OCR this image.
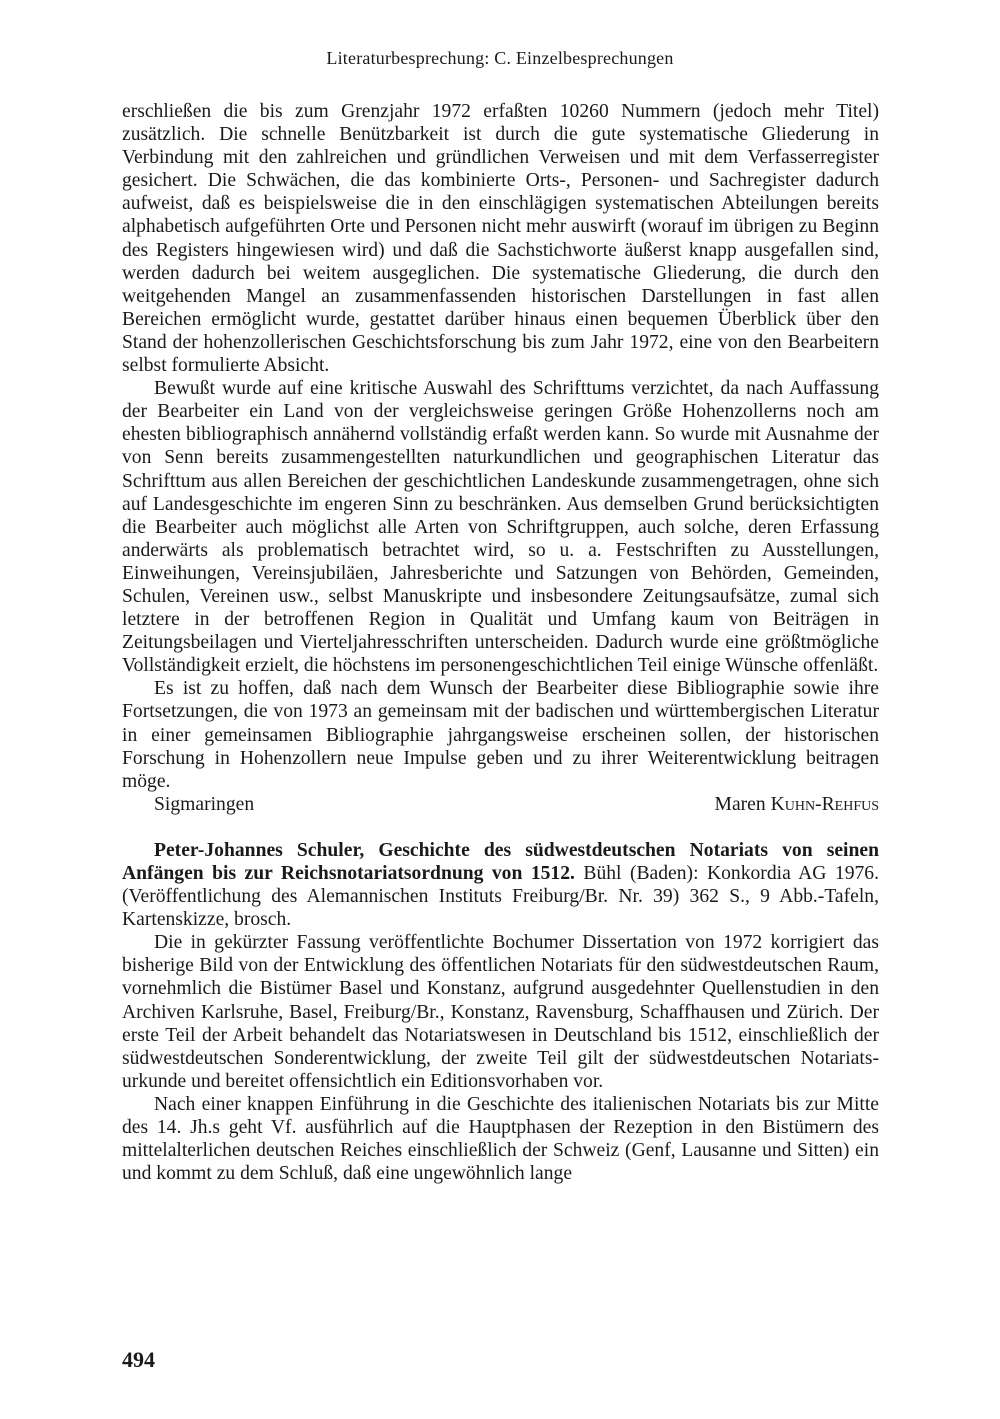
Literaturbesprechung: C. Einzelbesprechungen

erschließen die bis zum Grenzjahr 1972 erfaßten 10260 Nummern (jedoch mehr Titel) zusätzlich. Die schnelle Benützbarkeit ist durch die gute systematische Gliederung in Verbindung mit den zahlreichen und gründlichen Verweisen und mit dem Verfasserregister gesichert. Die Schwächen, die das kombinierte Orts-, Personen- und Sachregister dadurch aufweist, daß es beispielsweise die in den einschlägigen systematischen Abteilungen bereits alphabetisch aufgeführten Orte und Personen nicht mehr auswirft (worauf im übrigen zu Beginn des Registers hingewiesen wird) und daß die Sachstichworte äußerst knapp ausgefallen sind, werden dadurch bei weitem ausgeglichen. Die systematische Gliederung, die durch den weitgehenden Mangel an zusammenfassenden historischen Darstellungen in fast allen Bereichen ermöglicht wurde, gestattet darüber hinaus einen bequemen Überblick über den Stand der hohenzollerischen Geschichtsforschung bis zum Jahr 1972, eine von den Bearbeitern selbst formulierte Absicht.

Bewußt wurde auf eine kritische Auswahl des Schrifttums verzichtet, da nach Auffassung der Bearbeiter ein Land von der vergleichsweise geringen Größe Hohenzollerns noch am ehesten bibliographisch annähernd vollständig erfaßt werden kann. So wurde mit Ausnahme der von Senn bereits zusammengestellten naturkundlichen und geographischen Literatur das Schrifttum aus allen Bereichen der geschichtlichen Landeskunde zusammengetragen, ohne sich auf Landesgeschichte im engeren Sinn zu beschränken. Aus demselben Grund berücksichtigten die Bearbeiter auch möglichst alle Arten von Schriftgruppen, auch solche, deren Erfassung anderwärts als problematisch betrachtet wird, so u. a. Festschriften zu Ausstellungen, Einweihungen, Vereinsjubiläen, Jahresberichte und Satzungen von Behörden, Gemeinden, Schulen, Vereinen usw., selbst Manuskripte und insbesondere Zeitungsaufsätze, zumal sich letztere in der betroffenen Region in Qualität und Umfang kaum von Beiträgen in Zeitungsbeilagen und Vierteljahresschriften unterscheiden. Dadurch wurde eine größtmögliche Vollständigkeit erzielt, die höchstens im personengeschichtlichen Teil einige Wünsche offenläßt.

Es ist zu hoffen, daß nach dem Wunsch der Bearbeiter diese Bibliographie sowie ihre Fortsetzungen, die von 1973 an gemeinsam mit der badischen und württembergischen Literatur in einer gemeinsamen Bibliographie jahrgangsweise erscheinen sollen, der historischen Forschung in Hohenzollern neue Impulse geben und zu ihrer Weiterentwicklung beitragen möge.

Sigmaringen	Maren Kuhn-Rehfus

Peter-Johannes Schuler, Geschichte des südwestdeutschen Notariats von seinen Anfängen bis zur Reichsnotariatsordnung von 1512. Bühl (Baden): Konkordia AG 1976. (Veröffentlichung des Alemannischen Instituts Freiburg/Br. Nr. 39) 362 S., 9 Abb.-Tafeln, Kartenskizze, brosch.

Die in gekürzter Fassung veröffentlichte Bochumer Dissertation von 1972 korrigiert das bisherige Bild von der Entwicklung des öffentlichen Notariats für den südwestdeutschen Raum, vornehmlich die Bistümer Basel und Konstanz, aufgrund ausgedehnter Quellenstudien in den Archiven Karlsruhe, Basel, Freiburg/Br., Konstanz, Ravensburg, Schaffhausen und Zürich. Der erste Teil der Arbeit behandelt das Notariatswesen in Deutschland bis 1512, einschließlich der südwestdeutschen Sonderentwicklung, der zweite Teil gilt der südwestdeutschen Notariatsurkunde und bereitet offensichtlich ein Editionsvorhaben vor.

Nach einer knappen Einführung in die Geschichte des italienischen Notariats bis zur Mitte des 14. Jh.s geht Vf. ausführlich auf die Hauptphasen der Rezeption in den Bistümern des mittelalterlichen deutschen Reiches einschließlich der Schweiz (Genf, Lausanne und Sitten) ein und kommt zu dem Schluß, daß eine ungewöhnlich lange

494
